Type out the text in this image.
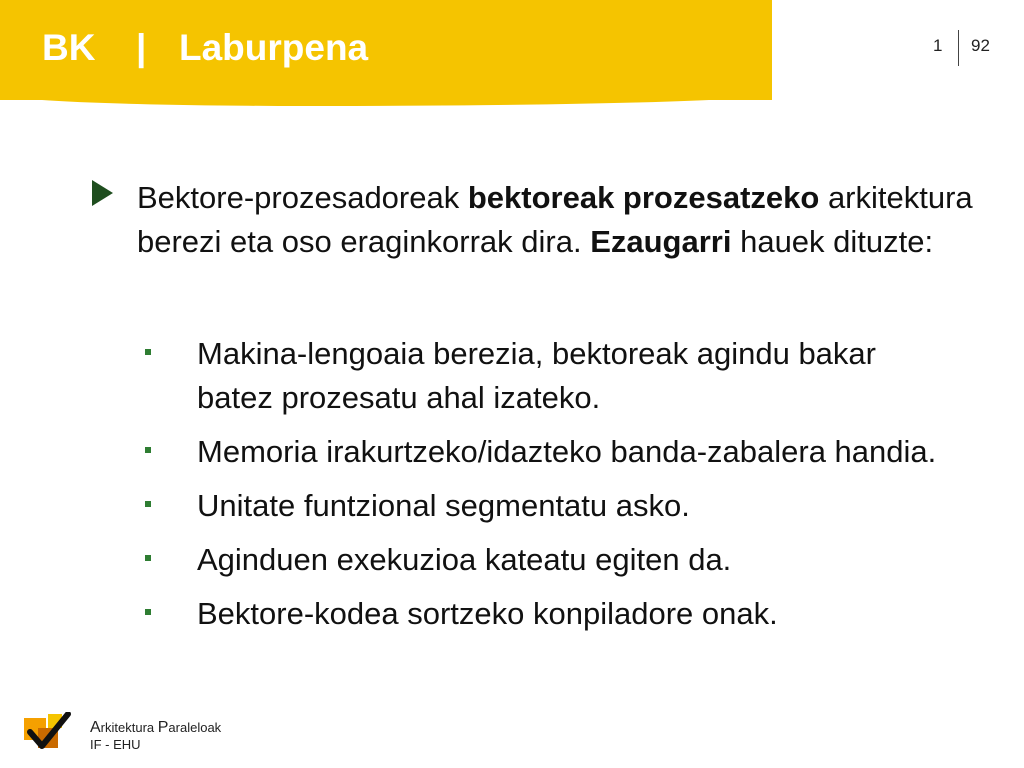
BK | Laburpena	1 92
Bektore-prozesadoreak bektoreak prozesatzeko arkitektura berezi eta oso eraginkorrak dira. Ezaugarri hauek dituzte:
Makina-lengoaia berezia, bektoreak agindu bakar batez prozesatu ahal izateko.
Memoria irakurtzeko/idazteko banda-zabalera handia.
Unitate funtzional segmentatu asko.
Aginduen exekuzioa kateatu egiten da.
Bektore-kodea sortzeko konpiladore onak.
Arkitektura Paraleloak
IF - EHU
